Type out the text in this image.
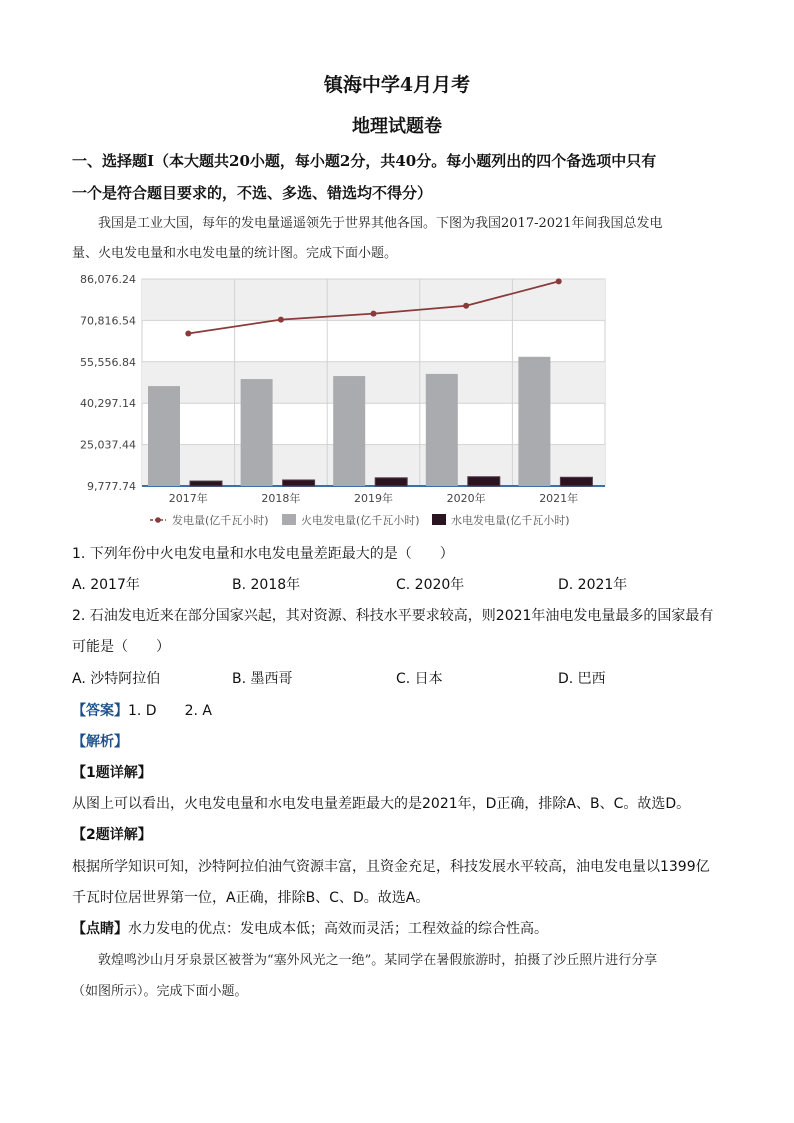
镇海中学4月月考
地理试题卷
一、选择题Ⅰ（本大题共20小题，每小题2分，共40分。每小题列出的四个备选项中只有
一个是符合题目要求的，不选、多选、错选均不得分）
我国是工业大国，每年的发电量遥遥领先于世界其他各国。下图为我国2017-2021年间我国总发电
量、火电发电量和水电发电量的统计图。完成下面小题。
86,076.24
70,816.54
55,556.84
40,297.14
25,037.44
9,777.74
2017年	2018年	2019年	2020年	2021年
发电量(亿千瓦小时)	火电发电量(亿千瓦小时)	水电发电量(亿千瓦小时)
1. 下列年份中火电发电量和水电发电量差距最大的是（　　）
A. 2017年	B. 2018年	C. 2020年	D. 2021年
2. 石油发电近来在部分国家兴起，其对资源、科技水平要求较高，则2021年油电发电量最多的国家最有
可能是（　　）
A. 沙特阿拉伯	B. 墨西哥	C. 日本	D. 巴西
【答案】1. D 2. A
【解析】
【1题详解】
从图上可以看出，火电发电量和水电发电量差距最大的是2021年，D正确，排除A、B、C。故选D。
【2题详解】
根据所学知识可知，沙特阿拉伯油气资源丰富，且资金充足，科技发展水平较高，油电发电量以1399亿
千瓦时位居世界第一位，A正确，排除B、C、D。故选A。
【点睛】水力发电的优点：发电成本低；高效而灵活；工程效益的综合性高。
敦煌鸣沙山月牙泉景区被誉为“塞外风光之一绝”。某同学在暑假旅游时，拍摄了沙丘照片进行分享
（如图所示）。完成下面小题。
